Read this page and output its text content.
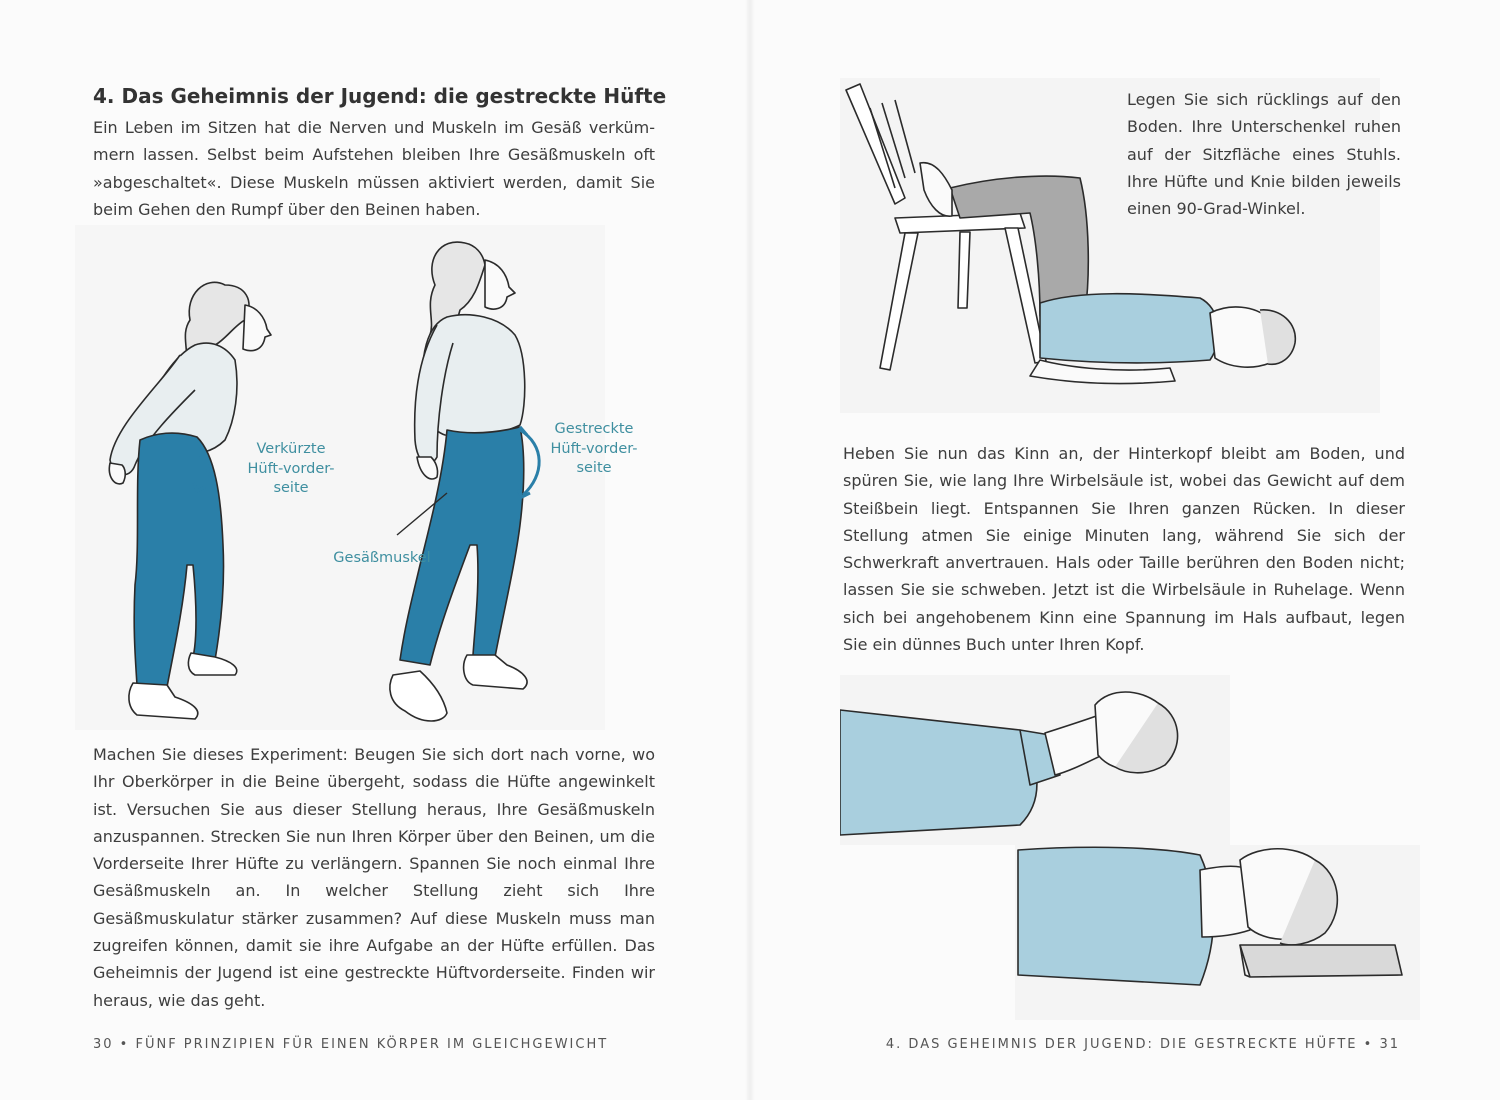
4. Das Geheimnis der Jugend: die gestreckte Hüfte

Ein Leben im Sitzen hat die Nerven und Muskeln im Gesäß verkümmern lassen. Selbst beim Aufstehen bleiben Ihre Gesäßmuskeln oft »abgeschaltet«. Diese Muskeln müssen aktiviert werden, damit Sie beim Gehen den Rumpf über den Beinen haben.

Verkürzte Hüft-vorder-seite
Gestreckte Hüft-vorder-seite
Gesäßmuskel

Machen Sie dieses Experiment: Beugen Sie sich dort nach vorne, wo Ihr Oberkörper in die Beine übergeht, sodass die Hüfte angewinkelt ist. Versuchen Sie aus dieser Stellung heraus, Ihre Gesäßmuskeln anzuspannen. Strecken Sie nun Ihren Körper über den Beinen, um die Vorderseite Ihrer Hüfte zu verlängern. Spannen Sie noch einmal Ihre Gesäßmuskeln an. In welcher Stellung zieht sich Ihre Gesäßmuskulatur stärker zusammen? Auf diese Muskeln muss man zugreifen können, damit sie ihre Aufgabe an der Hüfte erfüllen. Das Geheimnis der Jugend ist eine gestreckte Hüftvorderseite. Finden wir heraus, wie das geht.

30 • FÜNF PRINZIPIEN FÜR EINEN KÖRPER IM GLEICHGEWICHT

Legen Sie sich rücklings auf den Boden. Ihre Unterschenkel ruhen auf der Sitzfläche eines Stuhls. Ihre Hüfte und Knie bilden jeweils einen 90-Grad-Winkel.

Heben Sie nun das Kinn an, der Hinterkopf bleibt am Boden, und spüren Sie, wie lang Ihre Wirbelsäule ist, wobei das Gewicht auf dem Steißbein liegt. Entspannen Sie Ihren ganzen Rücken. In dieser Stellung atmen Sie einige Minuten lang, während Sie sich der Schwerkraft anvertrauen. Hals oder Taille berühren den Boden nicht; lassen Sie sie schweben. Jetzt ist die Wirbelsäule in Ruhelage. Wenn sich bei angehobenem Kinn eine Spannung im Hals aufbaut, legen Sie ein dünnes Buch unter Ihren Kopf.

4. DAS GEHEIMNIS DER JUGEND: DIE GESTRECKTE HÜFTE • 31
